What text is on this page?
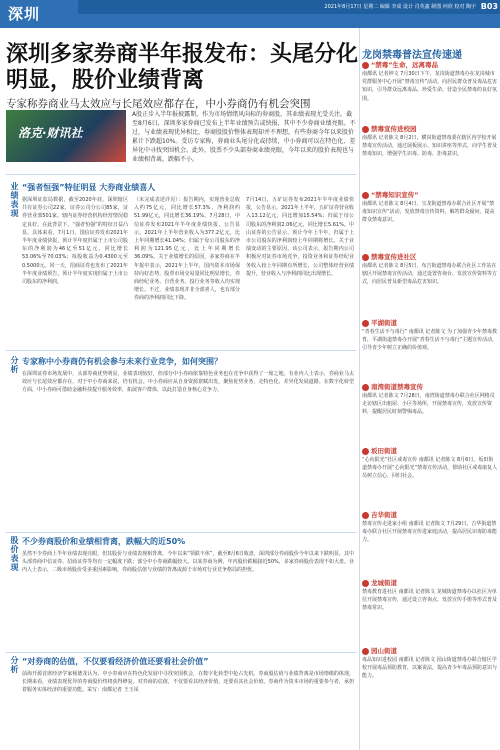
深圳	2021年8月17日 星期二 编辑 李成 设计 肖英鑫 制图 何欣 校对 陶宇 B03
深圳多家券商半年报发布：头尾分化明显，股价业绩背离
专家称券商业马太效应与长尾效应都存在，中小券商仍有机会突围
洛克·财讯社
A股正步入半年报披露期，作为市场情绪风向标的券商股，其业绩表现尤受关注。截至8月6日，深圳多家券商已发布上半年业绩预告或快报，其中不少券商业绩亮眼。不过，与业绩表现优异相比，券商股股价整体表现却并不理想，有些券商今年以来股价累计下跌超10%。受访专家称，券商业头尾分化或持续，中小券商可以在特色化、差异化中寻找突围机会。此外，股票不少头部券商业绩亮眼，今年以来的股价表现也与业绩相背离，跌幅不小。
业绩表现 “强者恒强”特征明显 大券商业绩喜人
据深圳证监局数据，截至2020年底，深圳辖区共有证券公司22家，证券公司分公司85家，证券营业部501家。辖内证券经营机构经营情况稳定良好。在此背景下，“强者恒强”的特征日益凸显。具体来看，7月1日，国信证券发布2021年半年度业绩快报，预计半年度归属于上市公司股东的净利润为46亿至51亿元，同比增长53.06%至70.03%；每股收益为0.4300元至0.5000元。同一天，招商证券也发布了2021年半年度业绩预告，预计半年度实现归属于上市公司股东的净利润。
（未完成表述详见）：报告期内，实现营业总收入约75亿元，同比增长57.3%，净利润约51.99亿元，同比增长36.19%。7月28日，中信证券发布2021年半年度业绩快报，公告显示，2021年上半年营业收入为377.2亿元，比上年同期增长41.04%；归属于母公司股东的净利润为121.95亿元，比上年同期增长36.09%。关于业绩增长的原因，多家券商在半年报中表示，2021年上半年，国内资本市场保持向好态势，股票市场交易量同比明显增长，券商经纪业务、自营业务、投行业务等收入均实现增长。不过，业绩表现并非全部喜人，也有部分券商的净利润同比下降。
7月14日，五矿证券发布2021年半年度业绩快报，公告显示，2021年上半年，五矿证券营业收入13.12亿元，同比增加15.54%；归属于母公司股东的净利润2.06亿元，同比增长5.61%。中山证券的公告显示，预计今年上半年，归属于上市公司股东的净利润较上年同期将增长。关于业绩变动的主要原因，该公司表示，报告期内公司积极应对证券市场竞争，投资业务和证券经纪业务收入较上年同期有所增长，公司整体经营业绩提升，营业收入与净利润同比出现增长。
分析 专家称中小券商仍有机会参与未来行业竞争，如何突围？
在深圳证券市场发展中，头部券商优势明显，业绩表现较好，但部分中小券商依靠特色业务也在竞争中获得了一席之地。有业内人士表示，券商业马太效应与长尾效应都存在，对于中小券商来说，仍有机会。中小券商应从自身资源禀赋出发，聚焦优势业务，走特色化、差异化发展道路。在数字化转型方面，中小券商可借助金融科技提升服务效率，拓展客户群体，以此打造自身核心竞争力。
股价表现 不少券商股价和业绩相背离，跌幅大的近50%
虽然不少券商上半年业绩表现亮眼，但其股价与业绩表现相背离。今年以来“领跌不休”，截至8月6日收盘，深圳部分券商股价今年以来下跌明显，其中头部券商中信证券、招商证券等均有一定幅度下跌；部分中小券商跌幅较大。以某券商为例，年内股价跌幅接近50%，多家券商股价表现不如大盘。业内人士表示，二级市场股价受多重因素影响，券商股估值与业绩的背离或源于市场对行业竞争格局的担忧。
分析 “对券商的估值，不仅要看经济价值还要看社会价值”
前海开源首席经济学家杨德龙认为，中小券商应在特色化发展中寻找突围机会，在数字化转型中抢占先机。券商股估值与业绩背离是市场情绪的体现，长期来看，业绩表现优异的券商股价终将获得修复。对券商的估值，不仅要看其经济价值，还要看其社会价值。券商作为资本市场的重要参与者，承担着服务实体经济的重要功能。采写：南都记者 王玉凤
龙岗禁毒普法宣传速递
“禁毒”生命，远离毒品
南都讯 记者钟文 7月30日下午，龙岗街道禁毒办在龙岗城市党群服务中心开展“禁毒宣传”活动，向居民群众普及毒品危害知识，引导群众远离毒品、珍爱生命，营造全民禁毒的良好氛围。
禁毒宣传进校园
南都讯 记者陈文 8月2日，横岗街道禁毒委在辖区内学校开展禁毒宣传活动，通过展板展示、知识讲座等形式，向学生普及禁毒知识，增强学生识毒、防毒、拒毒意识。
“禁毒知识宣传”
南都讯 记者陈文 8月4日，宝龙街道禁毒办联合社区开展“禁毒知识宣传”活动，发放禁毒宣传资料，解答群众疑问，提高群众禁毒意识。
禁毒宣传进社区
南都讯 记者陈文 8月5日，布吉街道禁毒办联合社区工作站在辖区开展禁毒宣传活动，通过设置咨询台、发放宣传资料等方式，向居民普及新型毒品危害知识。
平湖街道
“青春生活不与毒行” 南都讯 记者陈文 为了加强青少年禁毒教育，平湖街道禁毒办开展“青春生活不与毒行”主题宣传活动，引导青少年树立正确的价值观。
南湾街道禁毒宣传
南都讯 记者陈文 7月28日，南湾街道禁毒办联合社区网格员走访辖区出租屋、小区等场所，开展禁毒宣传，发放宣传资料，提醒居民时刻警惕毒品。
坂田街道
“心向阳光”社区戒毒宣传 南都讯 记者陈文 8月6日，坂田街道禁毒办开展“心向阳光”禁毒宣传活动，帮助社区戒毒康复人员树立信心，回归社会。
吉华街道
禁毒宣传走进家小组 南都讯 记者陈文 7月29日，吉华街道禁毒办联合社区开展禁毒宣传进家庭活动，提高居民识毒防毒能力。
龙城街道
禁毒教育进社区 南都讯 记者陈文 龙城街道禁毒办以社区为单位开展禁毒宣传，通过设立咨询点、发放宣传手册等形式普及禁毒常识。
园山街道
毒品知识进校园 南都讯 记者陈文 园山街道禁毒办联合辖区学校开展毒品预防教育，以案说法，提高青少年毒品预防意识与能力。
